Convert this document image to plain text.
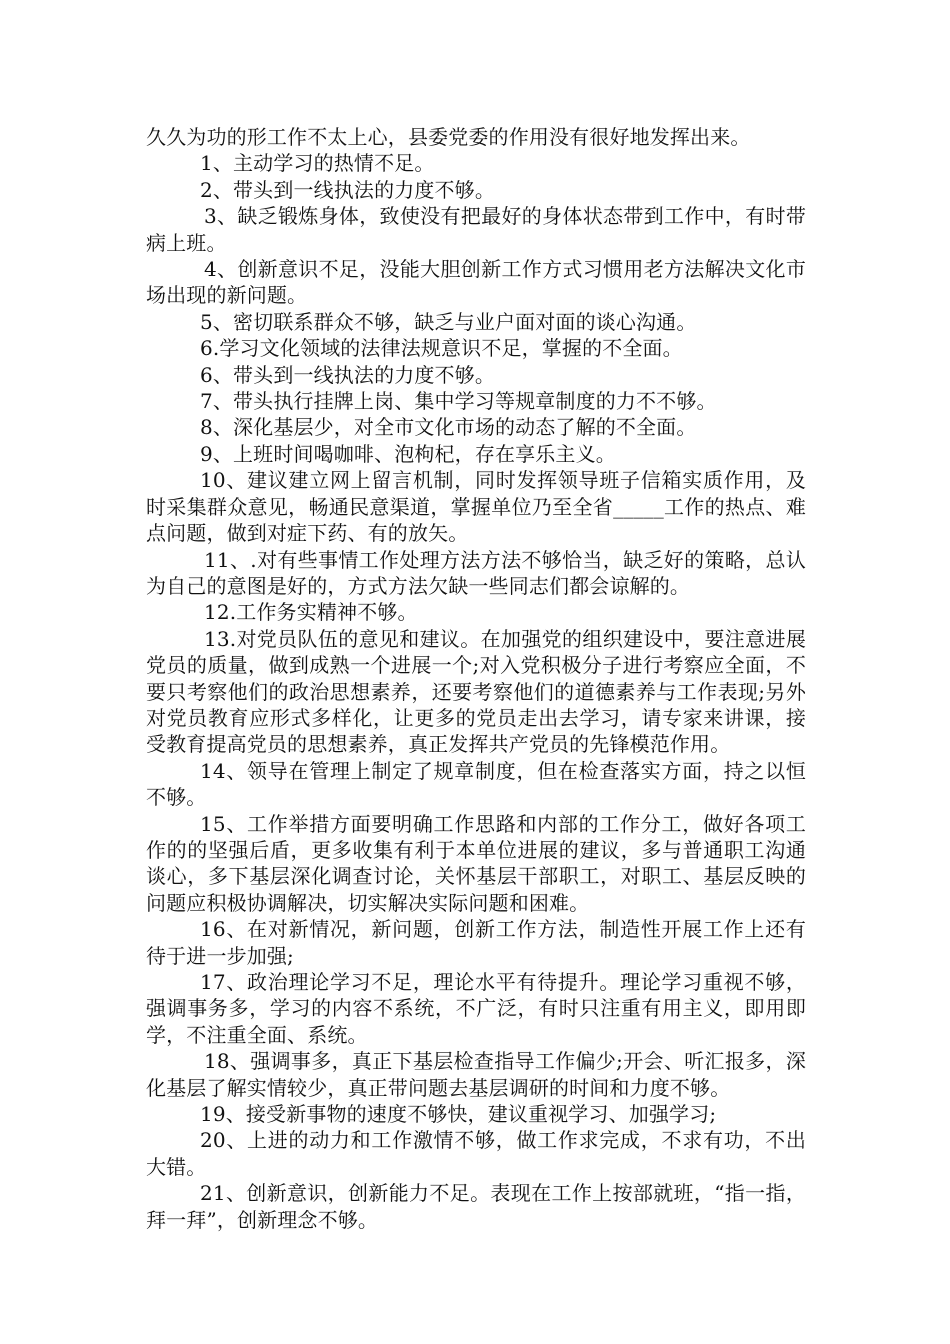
久久为功的形工作不太上心，县委党委的作用没有很好地发挥出来。

1、主动学习的热情不足。

2、带头到一线执法的力度不够。

3、缺乏锻炼身体，致使没有把最好的身体状态带到工作中，有时带病上班。

4、创新意识不足，没能大胆创新工作方式习惯用老方法解决文化市场出现的新问题。

5、密切联系群众不够，缺乏与业户面对面的谈心沟通。

6.学习文化领域的法律法规意识不足，掌握的不全面。

6、带头到一线执法的力度不够。

7、带头执行挂牌上岗、集中学习等规章制度的力不不够。

8、深化基层少，对全市文化市场的动态了解的不全面。

9、上班时间喝咖啡、泡枸杞，存在享乐主义。

10、建议建立网上留言机制，同时发挥领导班子信箱实质作用，及时采集群众意见，畅通民意渠道，掌握单位乃至全省_____工作的热点、难点问题，做到对症下药、有的放矢。

11、.对有些事情工作处理方法方法不够恰当，缺乏好的策略，总认为自己的意图是好的，方式方法欠缺一些同志们都会谅解的。

12.工作务实精神不够。

13.对党员队伍的意见和建议。在加强党的组织建设中，要注意进展党员的质量，做到成熟一个进展一个;对入党积极分子进行考察应全面，不要只考察他们的政治思想素养，还要考察他们的道德素养与工作表现;另外对党员教育应形式多样化，让更多的党员走出去学习，请专家来讲课，接受教育提高党员的思想素养，真正发挥共产党员的先锋模范作用。

14、领导在管理上制定了规章制度，但在检查落实方面，持之以恒不够。

15、工作举措方面要明确工作思路和内部的工作分工，做好各项工作的的坚强后盾，更多收集有利于本单位进展的建议，多与普通职工沟通谈心，多下基层深化调查讨论，关怀基层干部职工，对职工、基层反映的问题应积极协调解决，切实解决实际问题和困难。

16、在对新情况，新问题，创新工作方法，制造性开展工作上还有待于进一步加强;

17、政治理论学习不足，理论水平有待提升。理论学习重视不够，强调事务多，学习的内容不系统，不广泛，有时只注重有用主义，即用即学，不注重全面、系统。

18、强调事多，真正下基层检查指导工作偏少;开会、听汇报多，深化基层了解实情较少，真正带问题去基层调研的时间和力度不够。

19、接受新事物的速度不够快，建议重视学习、加强学习;

20、上进的动力和工作激情不够，做工作求完成，不求有功，不出大错。

21、创新意识，创新能力不足。表现在工作上按部就班，“指一指，拜一拜”，创新理念不够。
